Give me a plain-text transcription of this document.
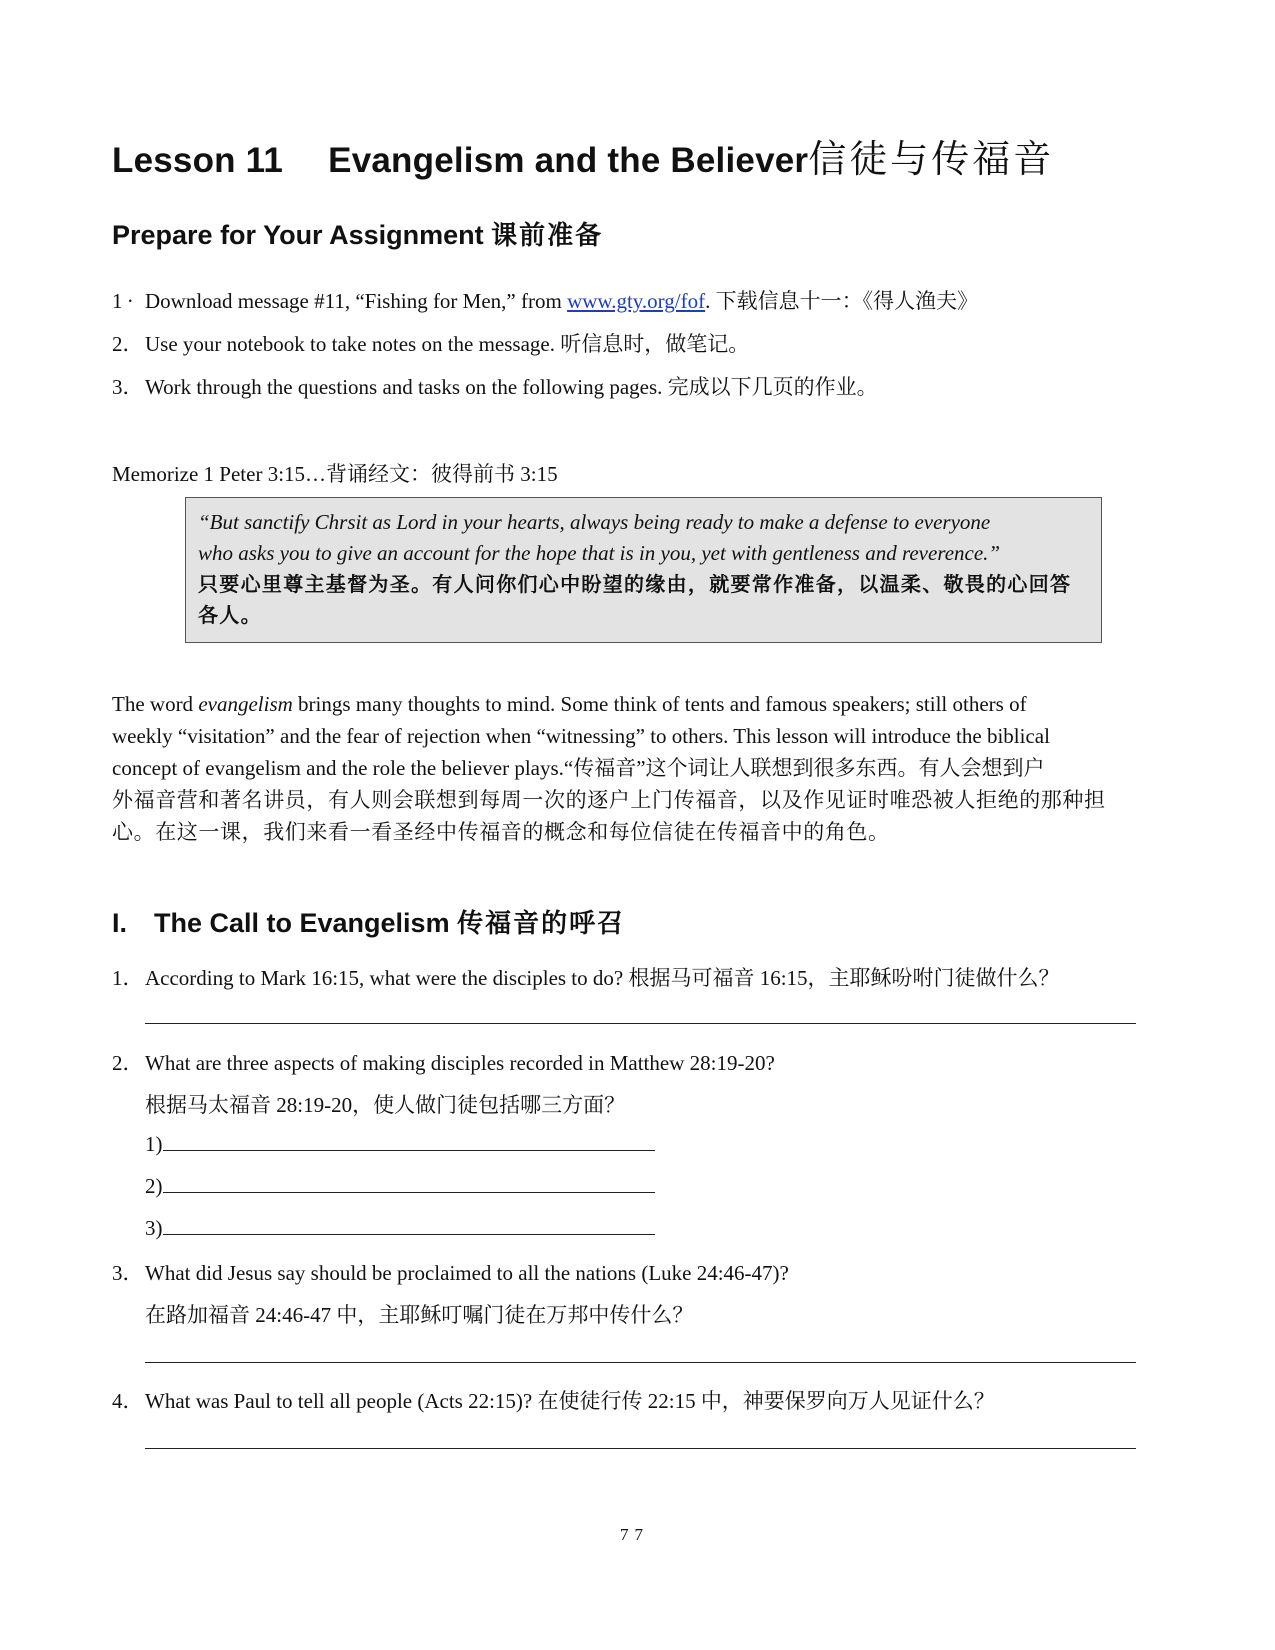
Lesson 11  Evangelism and the Believer信徒与传福音
Prepare for Your Assignment 课前准备
1 · Download message #11, “Fishing for Men,” from www.gty.org/fof. 下载信息十一：《得人渔夫》
2．Use your notebook to take notes on the message. 听信息时，做笔记。
3．Work through the questions and tasks on the following pages. 完成以下几页的作业。
Memorize 1 Peter 3:15…背诵经文：彼得前书 3:15
“But sanctify Chrsit as Lord in your hearts, always being ready to make a defense to everyone
who asks you to give an account for the hope that is in you, yet with gentleness and reverence.”
只要心里尊主基督为圣。有人问你们心中盼望的缘由，就要常作准备，以温柔、敬畏的心回答各人。
The word evangelism brings many thoughts to mind. Some think of tents and famous speakers; still others of
weekly “visitation” and the fear of rejection when “witnessing” to others. This lesson will introduce the biblical
concept of evangelism and the role the believer plays.“传福音”这个词让人联想到很多东西。有人会想到户
外福音营和著名讲员，有人则会联想到每周一次的逐户上门传福音，以及作见证时唯恐被人拒绝的那种担
心。在这一课，我们来看一看圣经中传福音的概念和每位信徒在传福音中的角色。
I. The Call to Evangelism 传福音的呼召
1．According to Mark 16:15, what were the disciples to do? 根据马可福音 16:15，主耶稣吩咐门徒做什么？
2．What are three aspects of making disciples recorded in Matthew 28:19-20?
根据马太福音 28:19-20，使人做门徒包括哪三方面？
1)
2)
3)
3．What did Jesus say should be proclaimed to all the nations (Luke 24:46-47)?
在路加福音 24:46-47 中，主耶稣叮嘱门徒在万邦中传什么？
4．What was Paul to tell all people (Acts 22:15)? 在使徒行传 22:15 中，神要保罗向万人见证什么？
77
